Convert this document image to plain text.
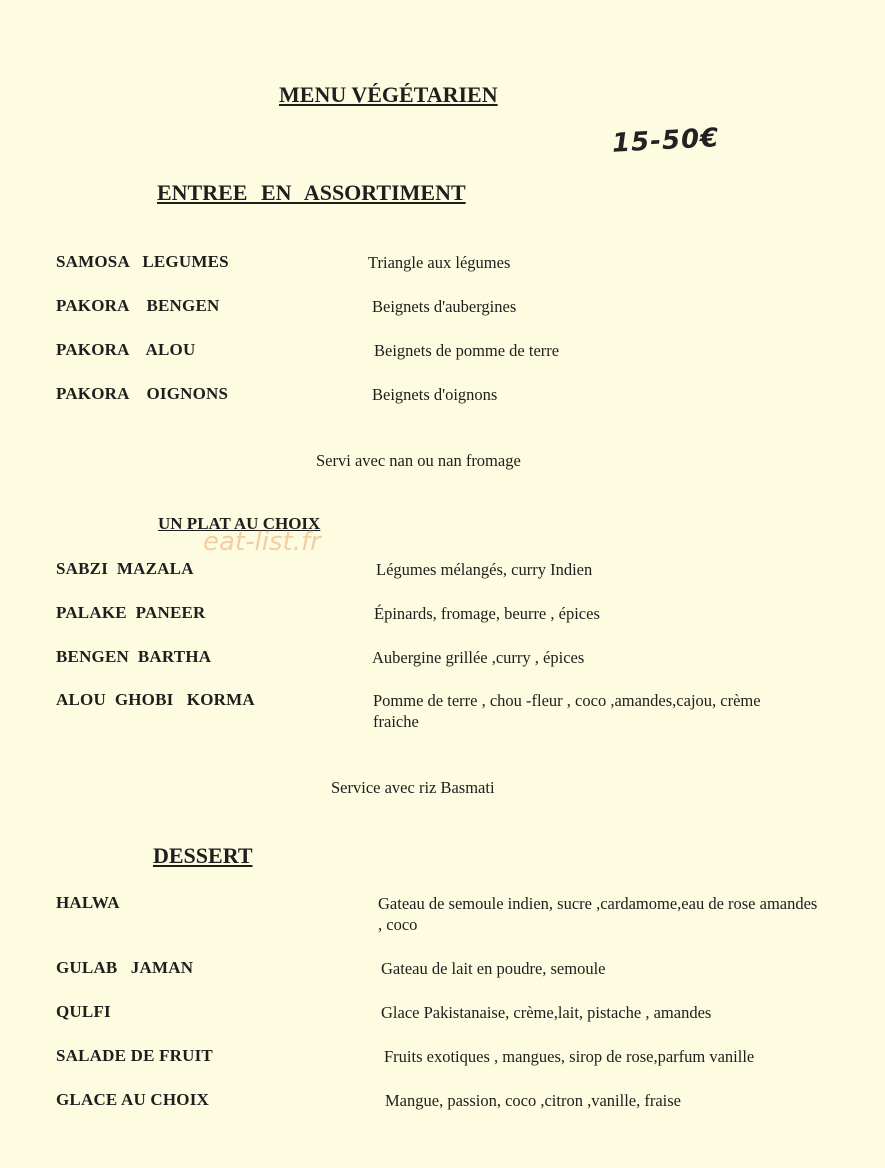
MENU VÉGÉTARIEN
15-50€
ENTREE EN ASSORTIMENT
SAMOSA   LEGUMES	Triangle aux légumes
PAKORA    BENGEN	Beignets d'aubergines
PAKORA    ALOU	Beignets de pomme de terre
PAKORA    OIGNONS	Beignets d'oignons
Servi avec nan ou nan fromage
UN PLAT AU CHOIX
eat-list.fr
SABZI  MAZALA	Légumes mélangés, curry Indien
PALAKE  PANEER	Épinards, fromage, beurre , épices
BENGEN  BARTHA	Aubergine grillée ,curry , épices
ALOU  GHOBI   KORMA	Pomme de terre , chou -fleur , coco ,amandes,cajou, crème fraiche
Service avec riz Basmati
DESSERT
HALWA	Gateau de semoule indien, sucre ,cardamome,eau de rose amandes , coco
GULAB   JAMAN	Gateau de lait en poudre, semoule
QULFI	Glace Pakistanaise, crème,lait, pistache , amandes
SALADE DE FRUIT	Fruits exotiques , mangues, sirop de rose,parfum vanille
GLACE AU CHOIX	Mangue, passion, coco ,citron ,vanille, fraise
